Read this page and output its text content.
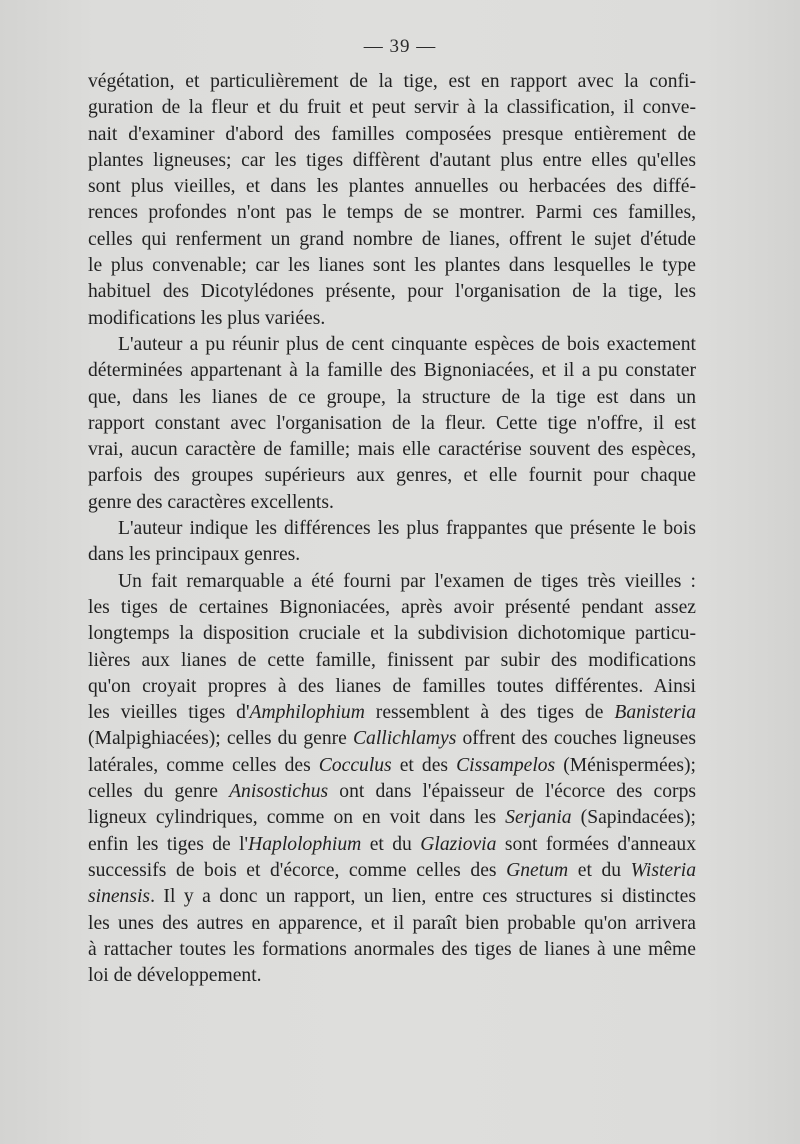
— 39 —
végétation, et particulièrement de la tige, est en rapport avec la confi-
guration de la fleur et du fruit et peut servir à la classification, il conve-
nait d'examiner d'abord des familles composées presque entièrement de
plantes ligneuses; car les tiges diffèrent d'autant plus entre elles qu'elles
sont plus vieilles, et dans les plantes annuelles ou herbacées des diffé-
rences profondes n'ont pas le temps de se montrer. Parmi ces familles,
celles qui renferment un grand nombre de lianes, offrent le sujet d'étude
le plus convenable; car les lianes sont les plantes dans lesquelles le type
habituel des Dicotylédones présente, pour l'organisation de la tige, les
modifications les plus variées.
L'auteur a pu réunir plus de cent cinquante espèces de bois exactement
déterminées appartenant à la famille des Bignoniacées, et il a pu constater
que, dans les lianes de ce groupe, la structure de la tige est dans un
rapport constant avec l'organisation de la fleur. Cette tige n'offre, il est
vrai, aucun caractère de famille; mais elle caractérise souvent des espèces,
parfois des groupes supérieurs aux genres, et elle fournit pour chaque
genre des caractères excellents.
L'auteur indique les différences les plus frappantes que présente le bois
dans les principaux genres.
Un fait remarquable a été fourni par l'examen de tiges très vieilles :
les tiges de certaines Bignoniacées, après avoir présenté pendant assez
longtemps la disposition cruciale et la subdivision dichotomique particu-
lières aux lianes de cette famille, finissent par subir des modifications
qu'on croyait propres à des lianes de familles toutes différentes. Ainsi
les vieilles tiges d'Amphilophium ressemblent à des tiges de Banisteria
(Malpighiacées); celles du genre Callichlamys offrent des couches ligneuses
latérales, comme celles des Cocculus et des Cissampelos (Ménispermées);
celles du genre Anisostichus ont dans l'épaisseur de l'écorce des corps
ligneux cylindriques, comme on en voit dans les Serjania (Sapindacées);
enfin les tiges de l'Haplolophium et du Glaziovia sont formées d'anneaux
successifs de bois et d'écorce, comme celles des Gnetum et du Wisteria
sinensis. Il y a donc un rapport, un lien, entre ces structures si distinctes
les unes des autres en apparence, et il paraît bien probable qu'on arrivera
à rattacher toutes les formations anormales des tiges de lianes à une même
loi de développement.
